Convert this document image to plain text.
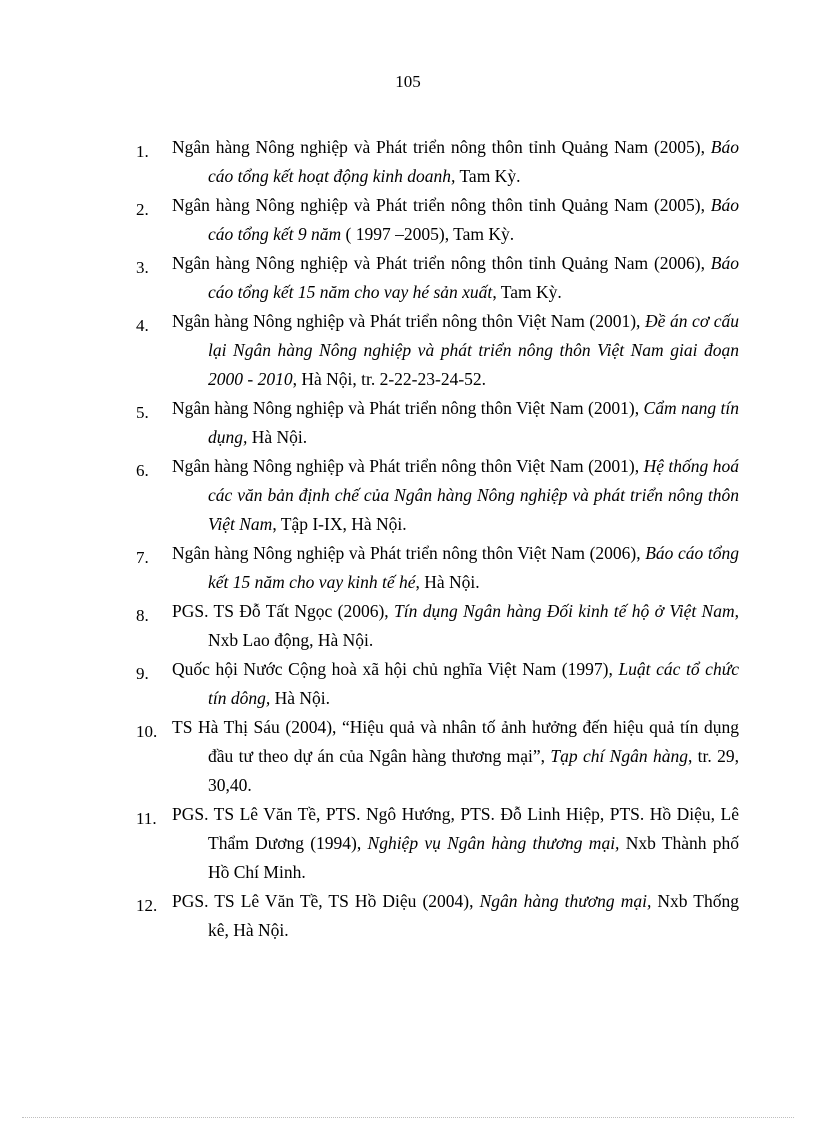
105
1.	Ngân hàng Nông nghiệp và Phát triển nông thôn tỉnh Quảng Nam (2005), Báo cáo tổng kết hoạt động kinh doanh, Tam Kỳ.
2.	Ngân hàng Nông nghiệp và Phát triển nông thôn tỉnh Quảng Nam (2005), Báo cáo tổng kết 9 năm ( 1997 –2005), Tam Kỳ.
3.	Ngân hàng Nông nghiệp và Phát triển nông thôn tỉnh Quảng Nam (2006), Báo cáo tổng kết 15 năm cho vay hé sản xuất, Tam Kỳ.
4.	Ngân hàng Nông nghiệp và Phát triển nông thôn Việt Nam (2001), Đề án cơ cấu lại Ngân hàng Nông nghiệp và phát triển nông thôn Việt Nam giai đoạn 2000 - 2010, Hà Nội, tr. 2-22-23-24-52.
5.	Ngân hàng Nông nghiệp và Phát triển nông thôn Việt Nam (2001), Cẩm nang tín dụng, Hà Nội.
6.	Ngân hàng Nông nghiệp và Phát triển nông thôn Việt Nam (2001), Hệ thống hoá các văn bản định chế của Ngân hàng Nông nghiệp và phát triển nông thôn Việt Nam, Tập I-IX, Hà Nội.
7.	Ngân hàng Nông nghiệp và Phát triển nông thôn Việt Nam (2006), Báo cáo tổng kết 15 năm cho vay kinh tế hé, Hà Nội.
8.	PGS. TS Đỗ Tất Ngọc (2006), Tín dụng Ngân hàng Đối kinh tế hộ ở Việt Nam, Nxb Lao động, Hà Nội.
9.	Quốc hội Nước Cộng hoà xã hội chủ nghĩa Việt Nam (1997), Luật các tổ chức tín dông, Hà Nội.
10. TS Hà Thị Sáu (2004), “Hiệu quả và nhân tố ảnh hưởng đến hiệu quả tín dụng đầu tư theo dự án của Ngân hàng thương mại”, Tạp chí Ngân hàng, tr. 29, 30,40.
11. PGS. TS Lê Văn Tề, PTS. Ngô Hướng, PTS. Đỗ Linh Hiệp, PTS. Hồ Diệu, Lê Thẩm Dương (1994), Nghiệp vụ Ngân hàng thương mại, Nxb Thành phố Hồ Chí Minh.
12. PGS. TS Lê Văn Tề, TS Hồ Diệu (2004), Ngân hàng thương mại, Nxb Thống kê, Hà Nội.
